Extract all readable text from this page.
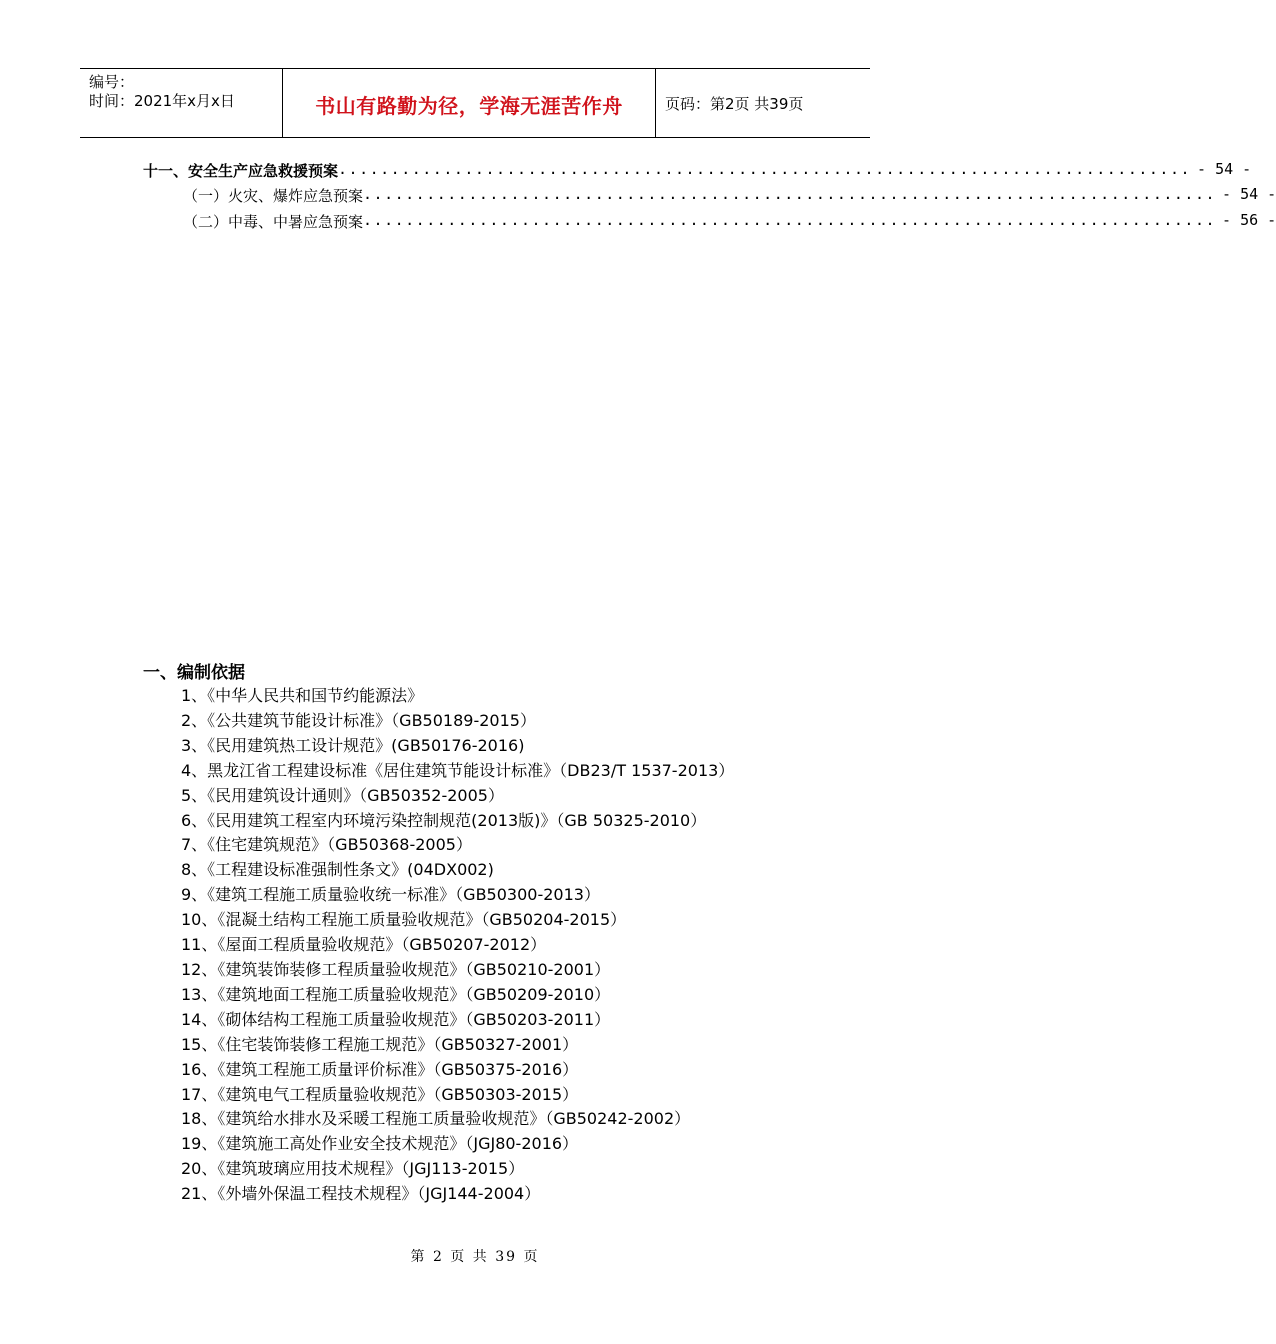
编号：
时间：2021年x月x日	书山有路勤为径，学海无涯苦作舟	页码：第2页 共39页
十一、安全生产应急救援预案 ................................................................................. - 54 -
（一）火灾、爆炸应急预案 ................................................................................. - 54 -
（二）中毒、中暑应急预案 ................................................................................. - 56 -
一、编制依据
1、《中华人民共和国节约能源法》
2、《公共建筑节能设计标准》（GB50189-2015）
3、《民用建筑热工设计规范》(GB50176-2016)
4、黑龙江省工程建设标准《居住建筑节能设计标准》（DB23/T 1537-2013）
5、《民用建筑设计通则》（GB50352-2005）
6、《民用建筑工程室内环境污染控制规范(2013版)》（GB 50325-2010）
7、《住宅建筑规范》（GB50368-2005）
8、《工程建设标准强制性条文》(04DX002)
9、《建筑工程施工质量验收统一标准》（GB50300-2013）
10、《混凝土结构工程施工质量验收规范》（GB50204-2015）
11、《屋面工程质量验收规范》（GB50207-2012）
12、《建筑装饰装修工程质量验收规范》（GB50210-2001）
13、《建筑地面工程施工质量验收规范》（GB50209-2010）
14、《砌体结构工程施工质量验收规范》（GB50203-2011）
15、《住宅装饰装修工程施工规范》（GB50327-2001）
16、《建筑工程施工质量评价标准》（GB50375-2016）
17、《建筑电气工程质量验收规范》（GB50303-2015）
18、《建筑给水排水及采暖工程施工质量验收规范》（GB50242-2002）
19、《建筑施工高处作业安全技术规范》（JGJ80-2016）
20、《建筑玻璃应用技术规程》（JGJ113-2015）
21、《外墙外保温工程技术规程》（JGJ144-2004）
第 2 页 共 39 页
